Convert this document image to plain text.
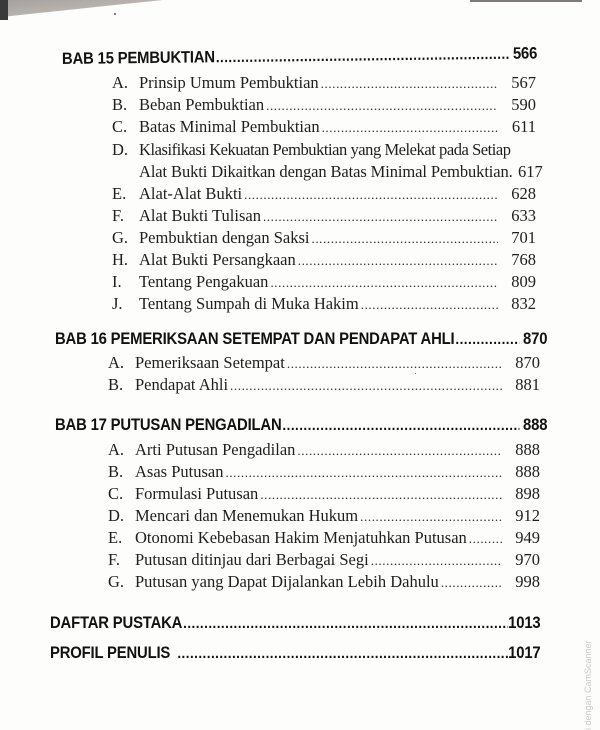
BAB 15 PEMBUKTIAN .....	566
A. Prinsip Umum Pembuktian .....	567
B. Beban Pembuktian .....	590
C. Batas Minimal Pembuktian .....	611
D. Klasifikasi Kekuatan Pembuktian yang Melekat pada Setiap
Alat Bukti Dikaitkan dengan Batas Minimal Pembuktian. 617
E. Alat-Alat Bukti .....	628
F. Alat Bukti Tulisan .....	633
G. Pembuktian dengan Saksi .....	701
H. Alat Bukti Persangkaan .....	768
I.	Tentang Pengakuan .....	809
J. Tentang Sumpah di Muka Hakim .....	832
BAB 16 PEMERIKSAAN SETEMPAT DAN PENDAPAT AHLI .....	870
A. Pemeriksaan Setempat .....	870
B. Pendapat Ahli .....	881
BAB 17 PUTUSAN PENGADILAN .....	888
A. Arti Putusan Pengadilan .....	888
B. Asas Putusan .....	888
C. Formulasi Putusan .....	898
D. Mencari dan Menemukan Hukum .....	912
E. Otonomi Kebebasan Hakim Menjatuhkan Putusan .....	949
F. Putusan ditinjau dari Berbagai Segi .....	970
G. Putusan yang Dapat Dijalankan Lebih Dahulu .....	998
DAFTAR PUSTAKA .....	1013
PROFIL PENULIS .....	1017	i dengan CamScanner
